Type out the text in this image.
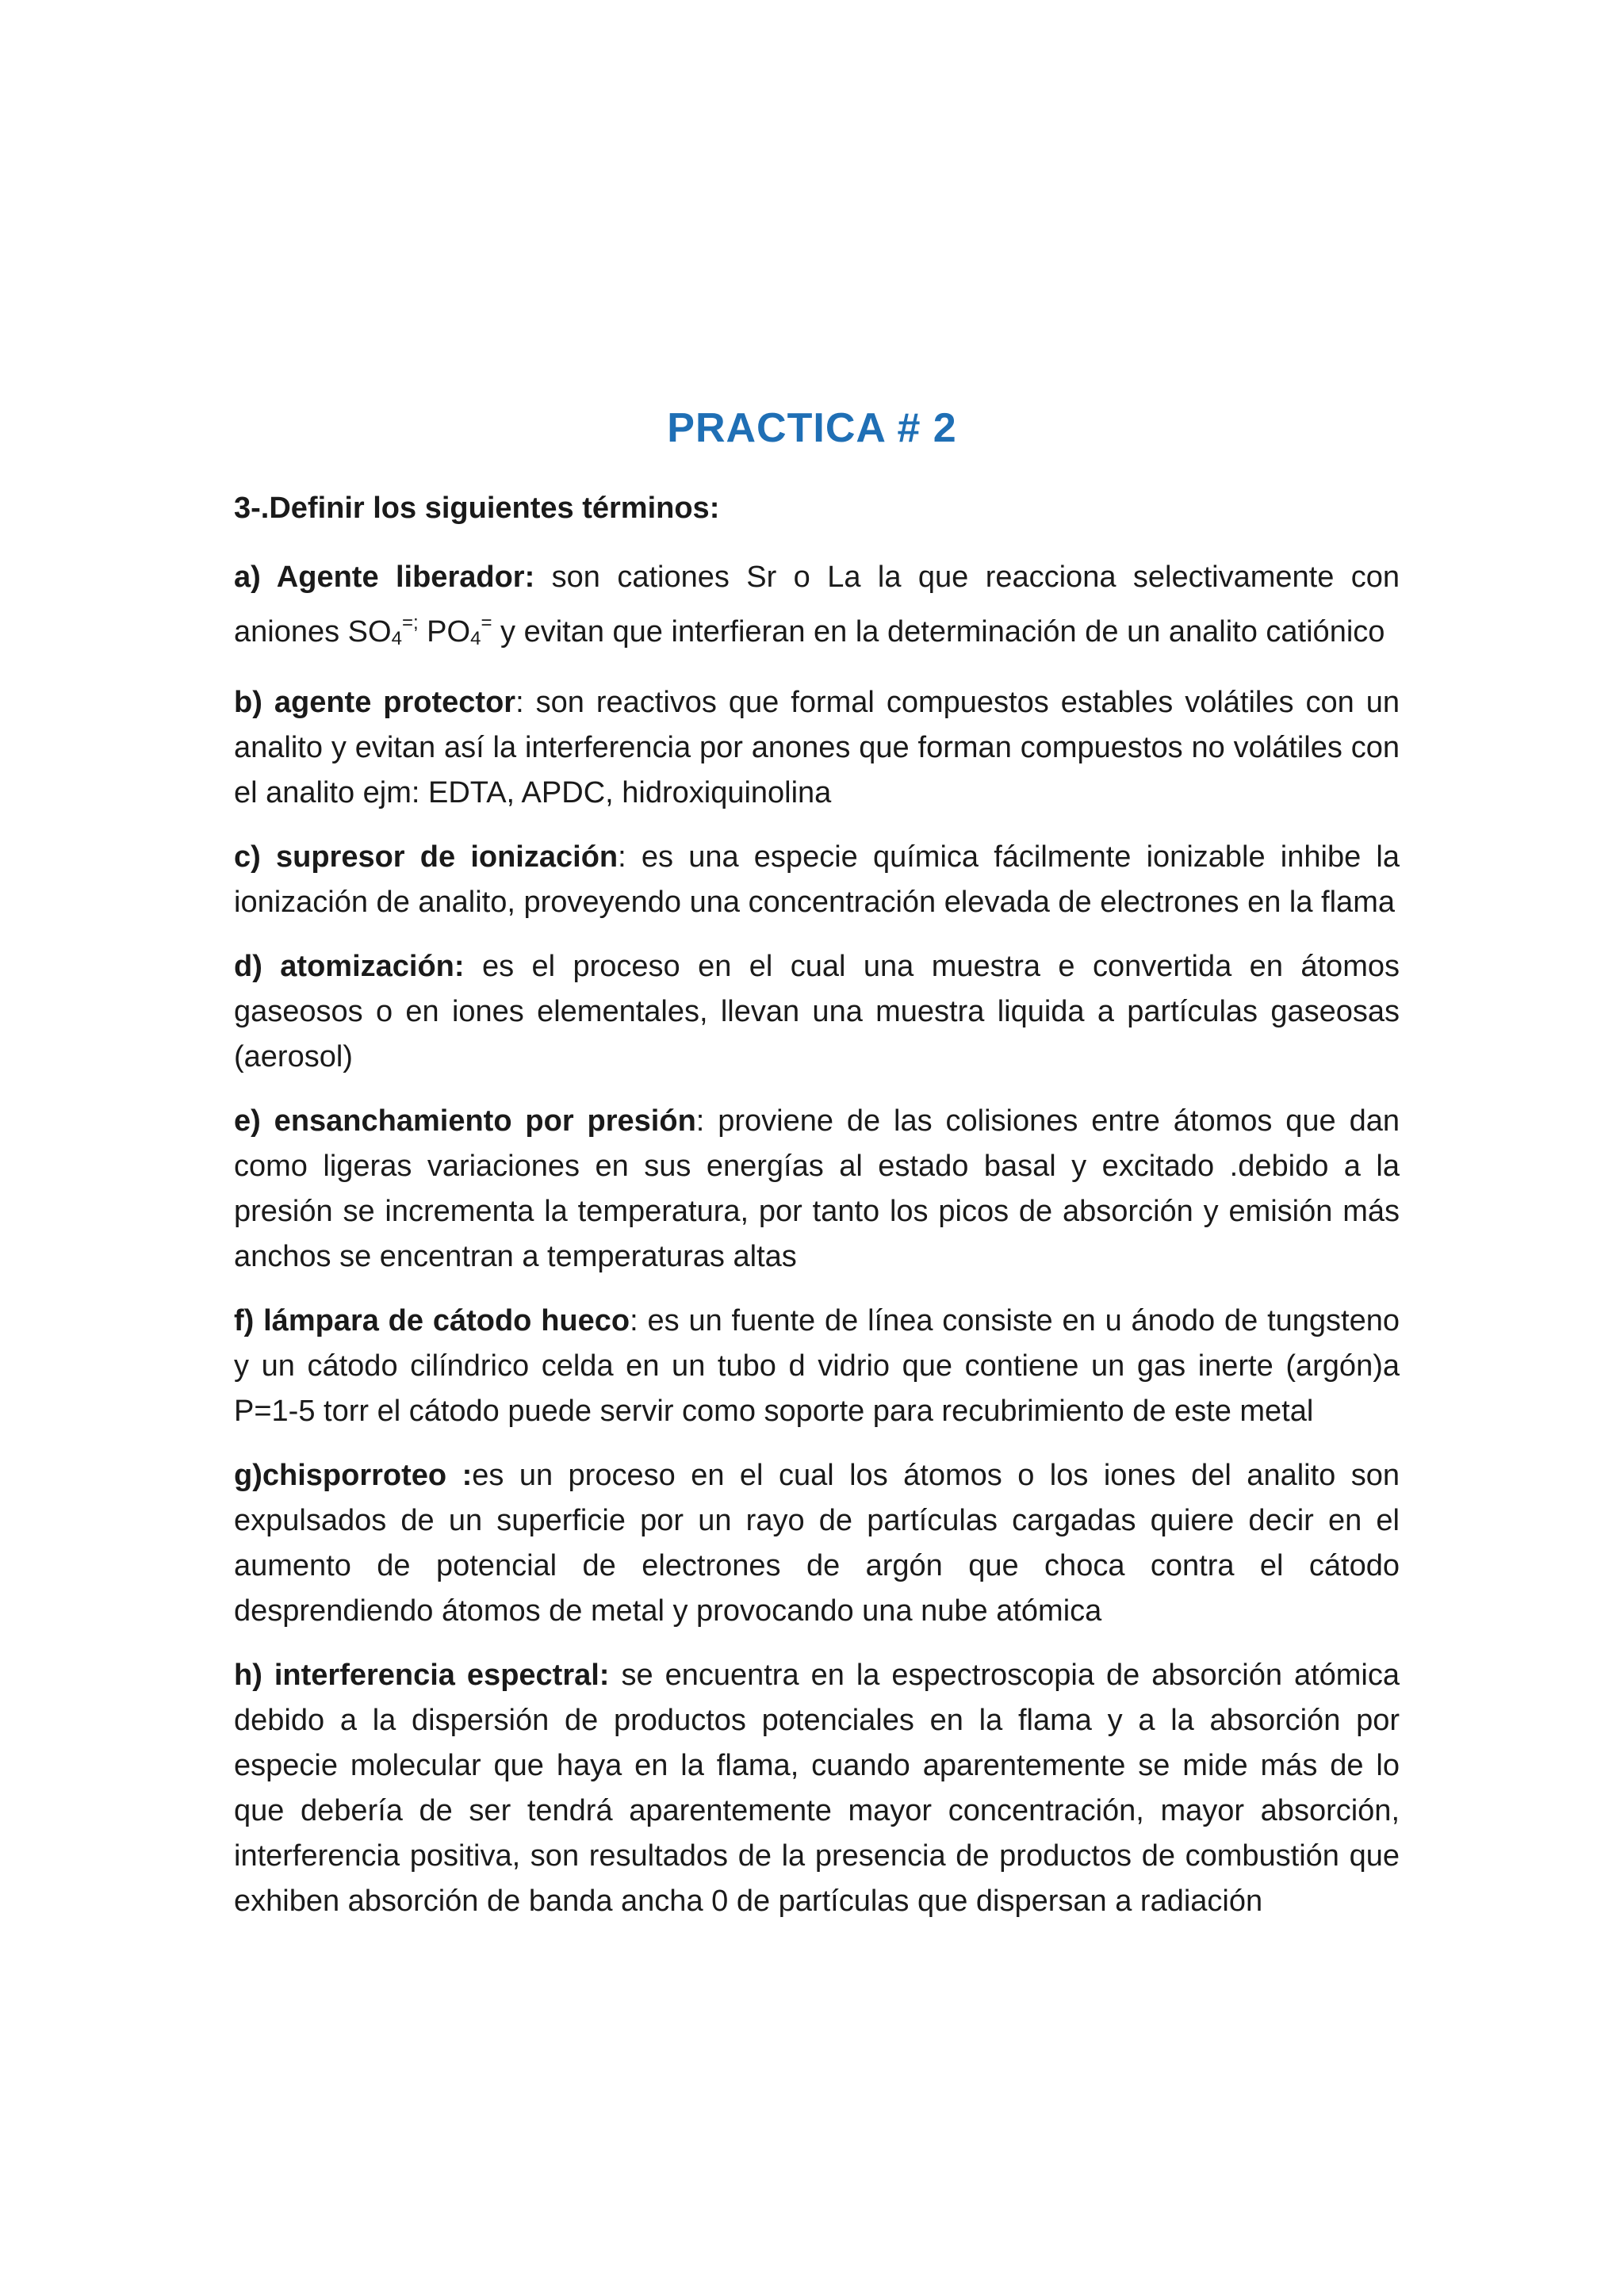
PRACTICA # 2

3-.Definir los siguientes términos:

a) Agente liberador: son cationes Sr o La la que reacciona selectivamente con aniones SO4=; PO4= y evitan que interfieran en la determinación de un analito catiónico

b) agente protector: son reactivos que formal compuestos estables volátiles con un analito y evitan así la interferencia por anones que forman compuestos no volátiles con el analito ejm: EDTA, APDC, hidroxiquinolina

c) supresor de ionización: es una especie química fácilmente ionizable inhibe la ionización de analito, proveyendo una concentración elevada de electrones en la flama

d) atomización: es el proceso en el cual una muestra e convertida en átomos gaseosos o en iones elementales, llevan una muestra liquida a partículas gaseosas (aerosol)

e) ensanchamiento por presión: proviene de las colisiones entre átomos que dan como ligeras variaciones en sus energías al estado basal y excitado .debido a la presión se incrementa la temperatura, por tanto los picos de absorción y emisión más anchos se encentran a temperaturas altas

f) lámpara de cátodo hueco: es un fuente de línea consiste en u ánodo de tungsteno y un cátodo cilíndrico celda en un tubo d vidrio que contiene un gas inerte (argón)a P=1-5 torr el cátodo puede servir como soporte para recubrimiento de este metal

g)chisporroteo :es un proceso en el cual los átomos o los iones del analito son expulsados de un superficie por un rayo de partículas cargadas quiere decir en el aumento de potencial de electrones de argón que choca contra el cátodo desprendiendo átomos de metal y provocando una nube atómica

h) interferencia espectral: se encuentra en la espectroscopia de absorción atómica debido a la dispersión de productos potenciales en la flama y a la absorción por especie molecular que haya en la flama, cuando aparentemente se mide más de lo que debería de ser tendrá aparentemente mayor concentración, mayor absorción, interferencia positiva, son resultados de la presencia de productos de combustión que exhiben absorción de banda ancha 0 de partículas que dispersan a radiación
